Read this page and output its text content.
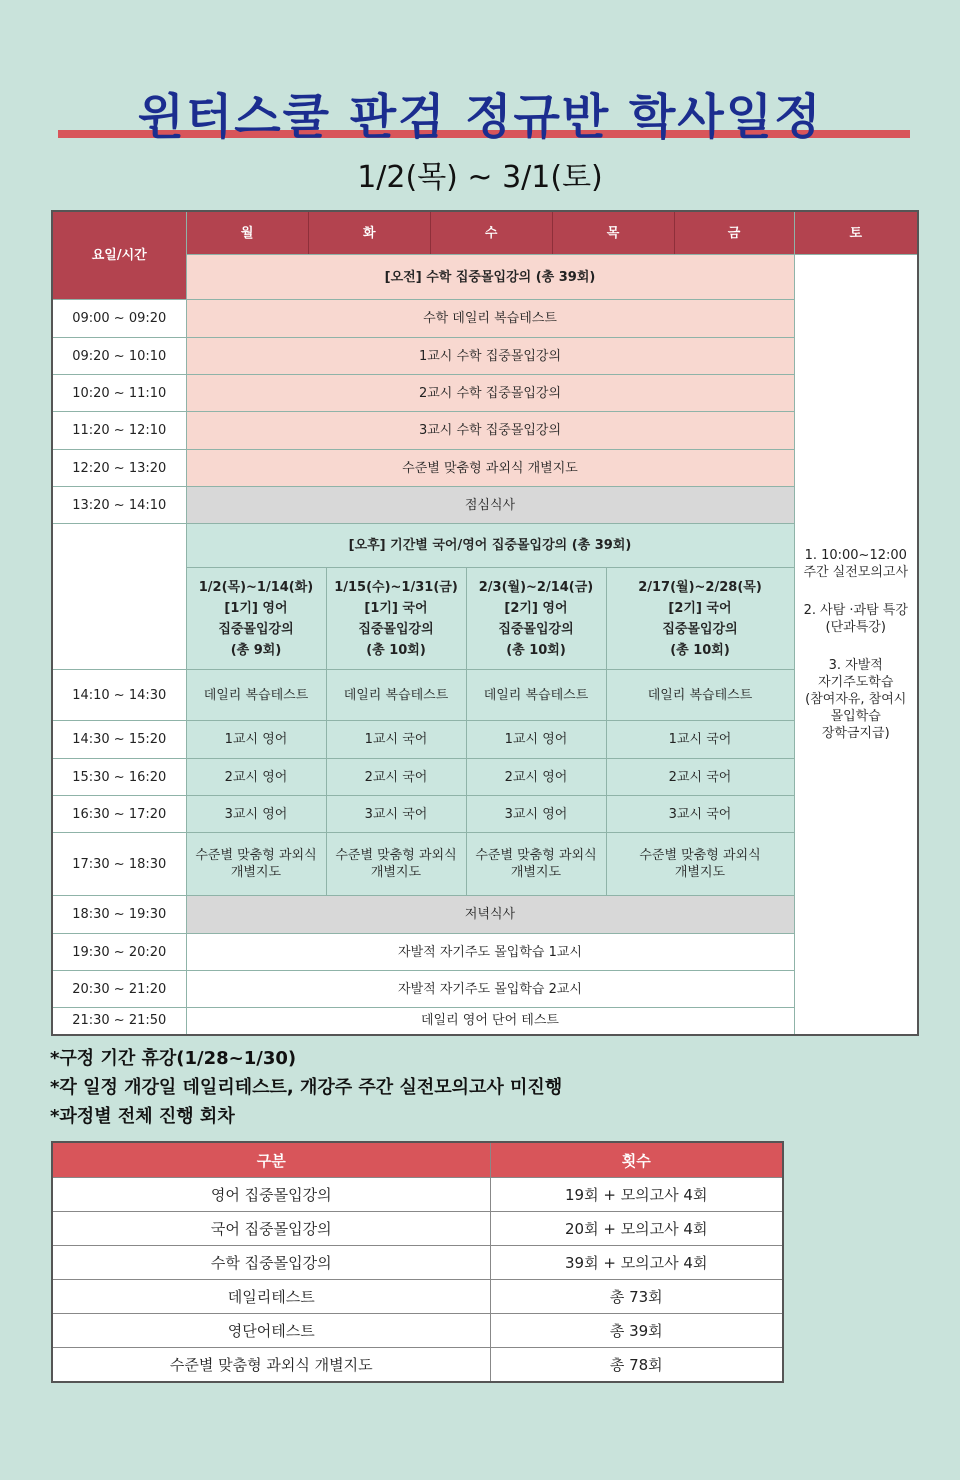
윈터스쿨 판검 정규반 학사일정
1/2(목) ~ 3/1(토)
요일/시간	
월	화	수	목	금
		토
[오전] 수학 집중몰입강의 (총 39회)	
1. 10:00~12:00
주간 실전모의고사
2. 사탐 ·과탐 특강
(단과특강)
3. 자발적
자기주도학습
(참여자유, 참여시
몰입학습
장학금지급)

09:00 ~ 09:20	수학 데일리 복습테스트
09:20 ~ 10:10	1교시 수학 집중몰입강의
10:20 ~ 11:10	2교시 수학 집중몰입강의
11:20 ~ 12:10	3교시 수학 집중몰입강의
12:20 ~ 13:20	수준별 맞춤형 과외식 개별지도
13:20 ~ 14:10	점심식사
	[오후] 기간별 국어/영어 집중몰입강의 (총 39회)

1/2(목)~1/14(화)
[1기] 영어
집중몰입강의
(총 9회)

1/15(수)~1/31(금)
[1기] 국어
집중몰입강의
(총 10회)

2/3(월)~2/14(금)
[2기] 영어
집중몰입강의
(총 10회)

2/17(월)~2/28(목)
[2기] 국어
집중몰입강의
(총 10회)

14:10 ~ 14:30	데일리 복습테스트	데일리 복습테스트	데일리 복습테스트	데일리 복습테스트
14:30 ~ 15:20	1교시 영어	1교시 국어	1교시 영어	1교시 국어
15:30 ~ 16:20	2교시 영어	2교시 국어	2교시 영어	2교시 국어
16:30 ~ 17:20	3교시 영어	3교시 국어	3교시 영어	3교시 국어
17:30 ~ 18:30	수준별 맞춤형 과외식 개별지도	수준별 맞춤형 과외식 개별지도	수준별 맞춤형 과외식 개별지도	수준별 맞춤형 과외식 개별지도
18:30 ~ 19:30	저녁식사
19:30 ~ 20:20	자발적 자기주도 몰입학습 1교시
20:30 ~ 21:20	자발적 자기주도 몰입학습 2교시
21:30 ~ 21:50	데일리 영어 단어 테스트
*구정 기간 휴강(1/28~1/30)
*각 일정 개강일 데일리테스트, 개강주 주간 실전모의고사 미진행
*과정별 전체 진행 회차
구분	횟수
영어 집중몰입강의	19회 + 모의고사 4회
국어 집중몰입강의	20회 + 모의고사 4회
수학 집중몰입강의	39회 + 모의고사 4회
데일리테스트	총 73회
영단어테스트	총 39회
수준별 맞춤형 과외식 개별지도	총 78회
